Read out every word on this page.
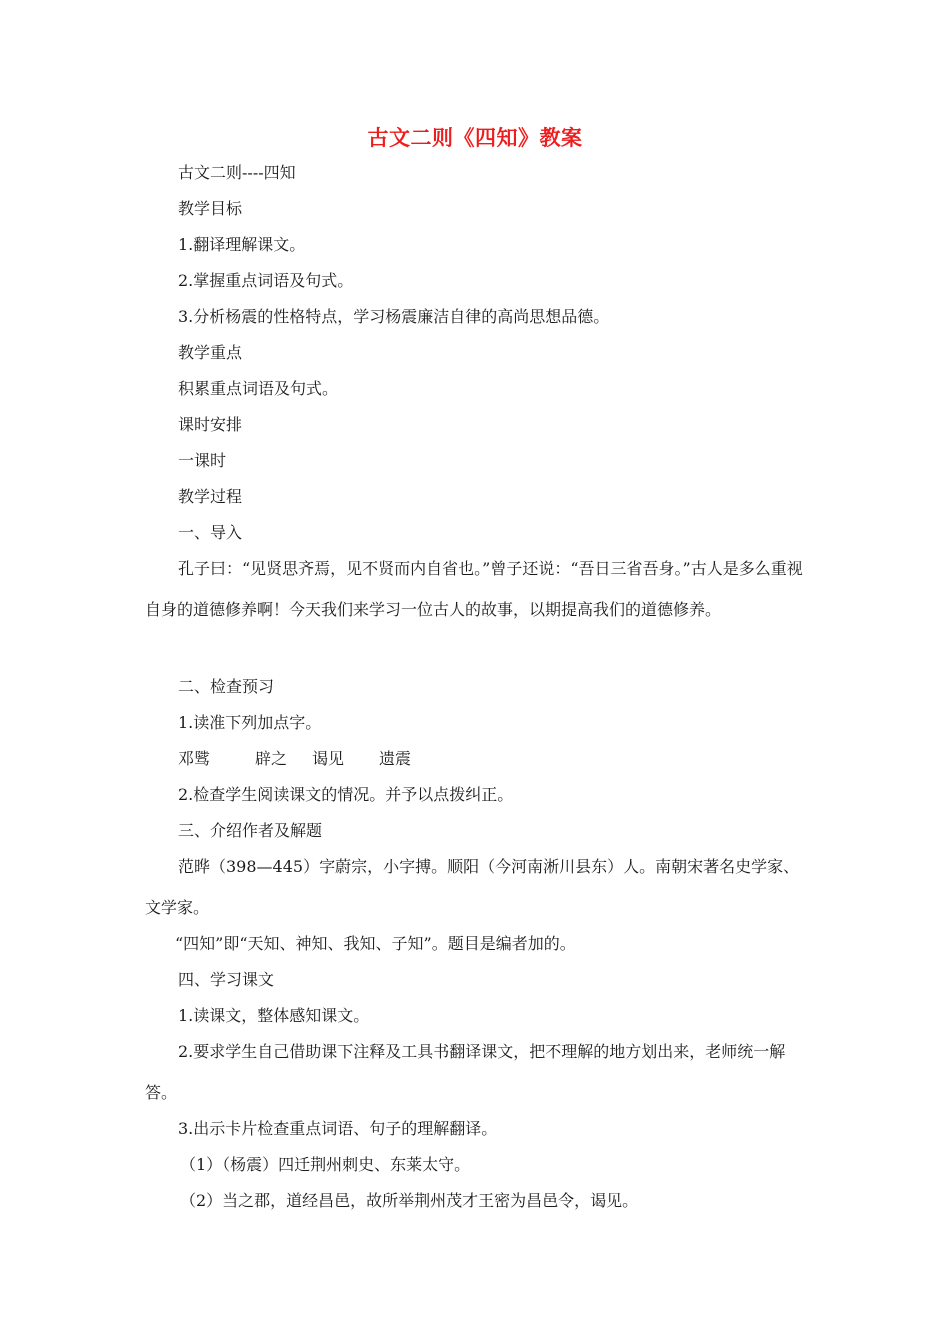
古文二则《四知》教案
古文二则----四知
教学目标
1.翻译理解课文。
2.掌握重点词语及句式。
3.分析杨震的性格特点，学习杨震廉洁自律的高尚思想品德。
教学重点
积累重点词语及句式。
课时安排
一课时
教学过程
一、导入
孔子曰：“见贤思齐焉，见不贤而内自省也。”曾子还说：“吾日三省吾身。”古人是多么重视自身的道德修养啊！今天我们来学习一位古人的故事，以期提高我们的道德修养。
二、检查预习
1.读准下列加点字。
邓骘	辟之 谒见 遗震
2.检查学生阅读课文的情况。并予以点拨纠正。
三、介绍作者及解题
范晔（398—445）字蔚宗，小字搏。顺阳（今河南淅川县东）人。南朝宋著名史学家、文学家。
“四知”即“天知、神知、我知、子知”。题目是编者加的。
四、学习课文
1.读课文，整体感知课文。
2.要求学生自己借助课下注释及工具书翻译课文，把不理解的地方划出来，老师统一解答。
3.出示卡片检查重点词语、句子的理解翻译。
（1）（杨震）四迁荆州刺史、东莱太守。
（2）当之郡，道经昌邑，故所举荆州茂才王密为昌邑令，谒见。
